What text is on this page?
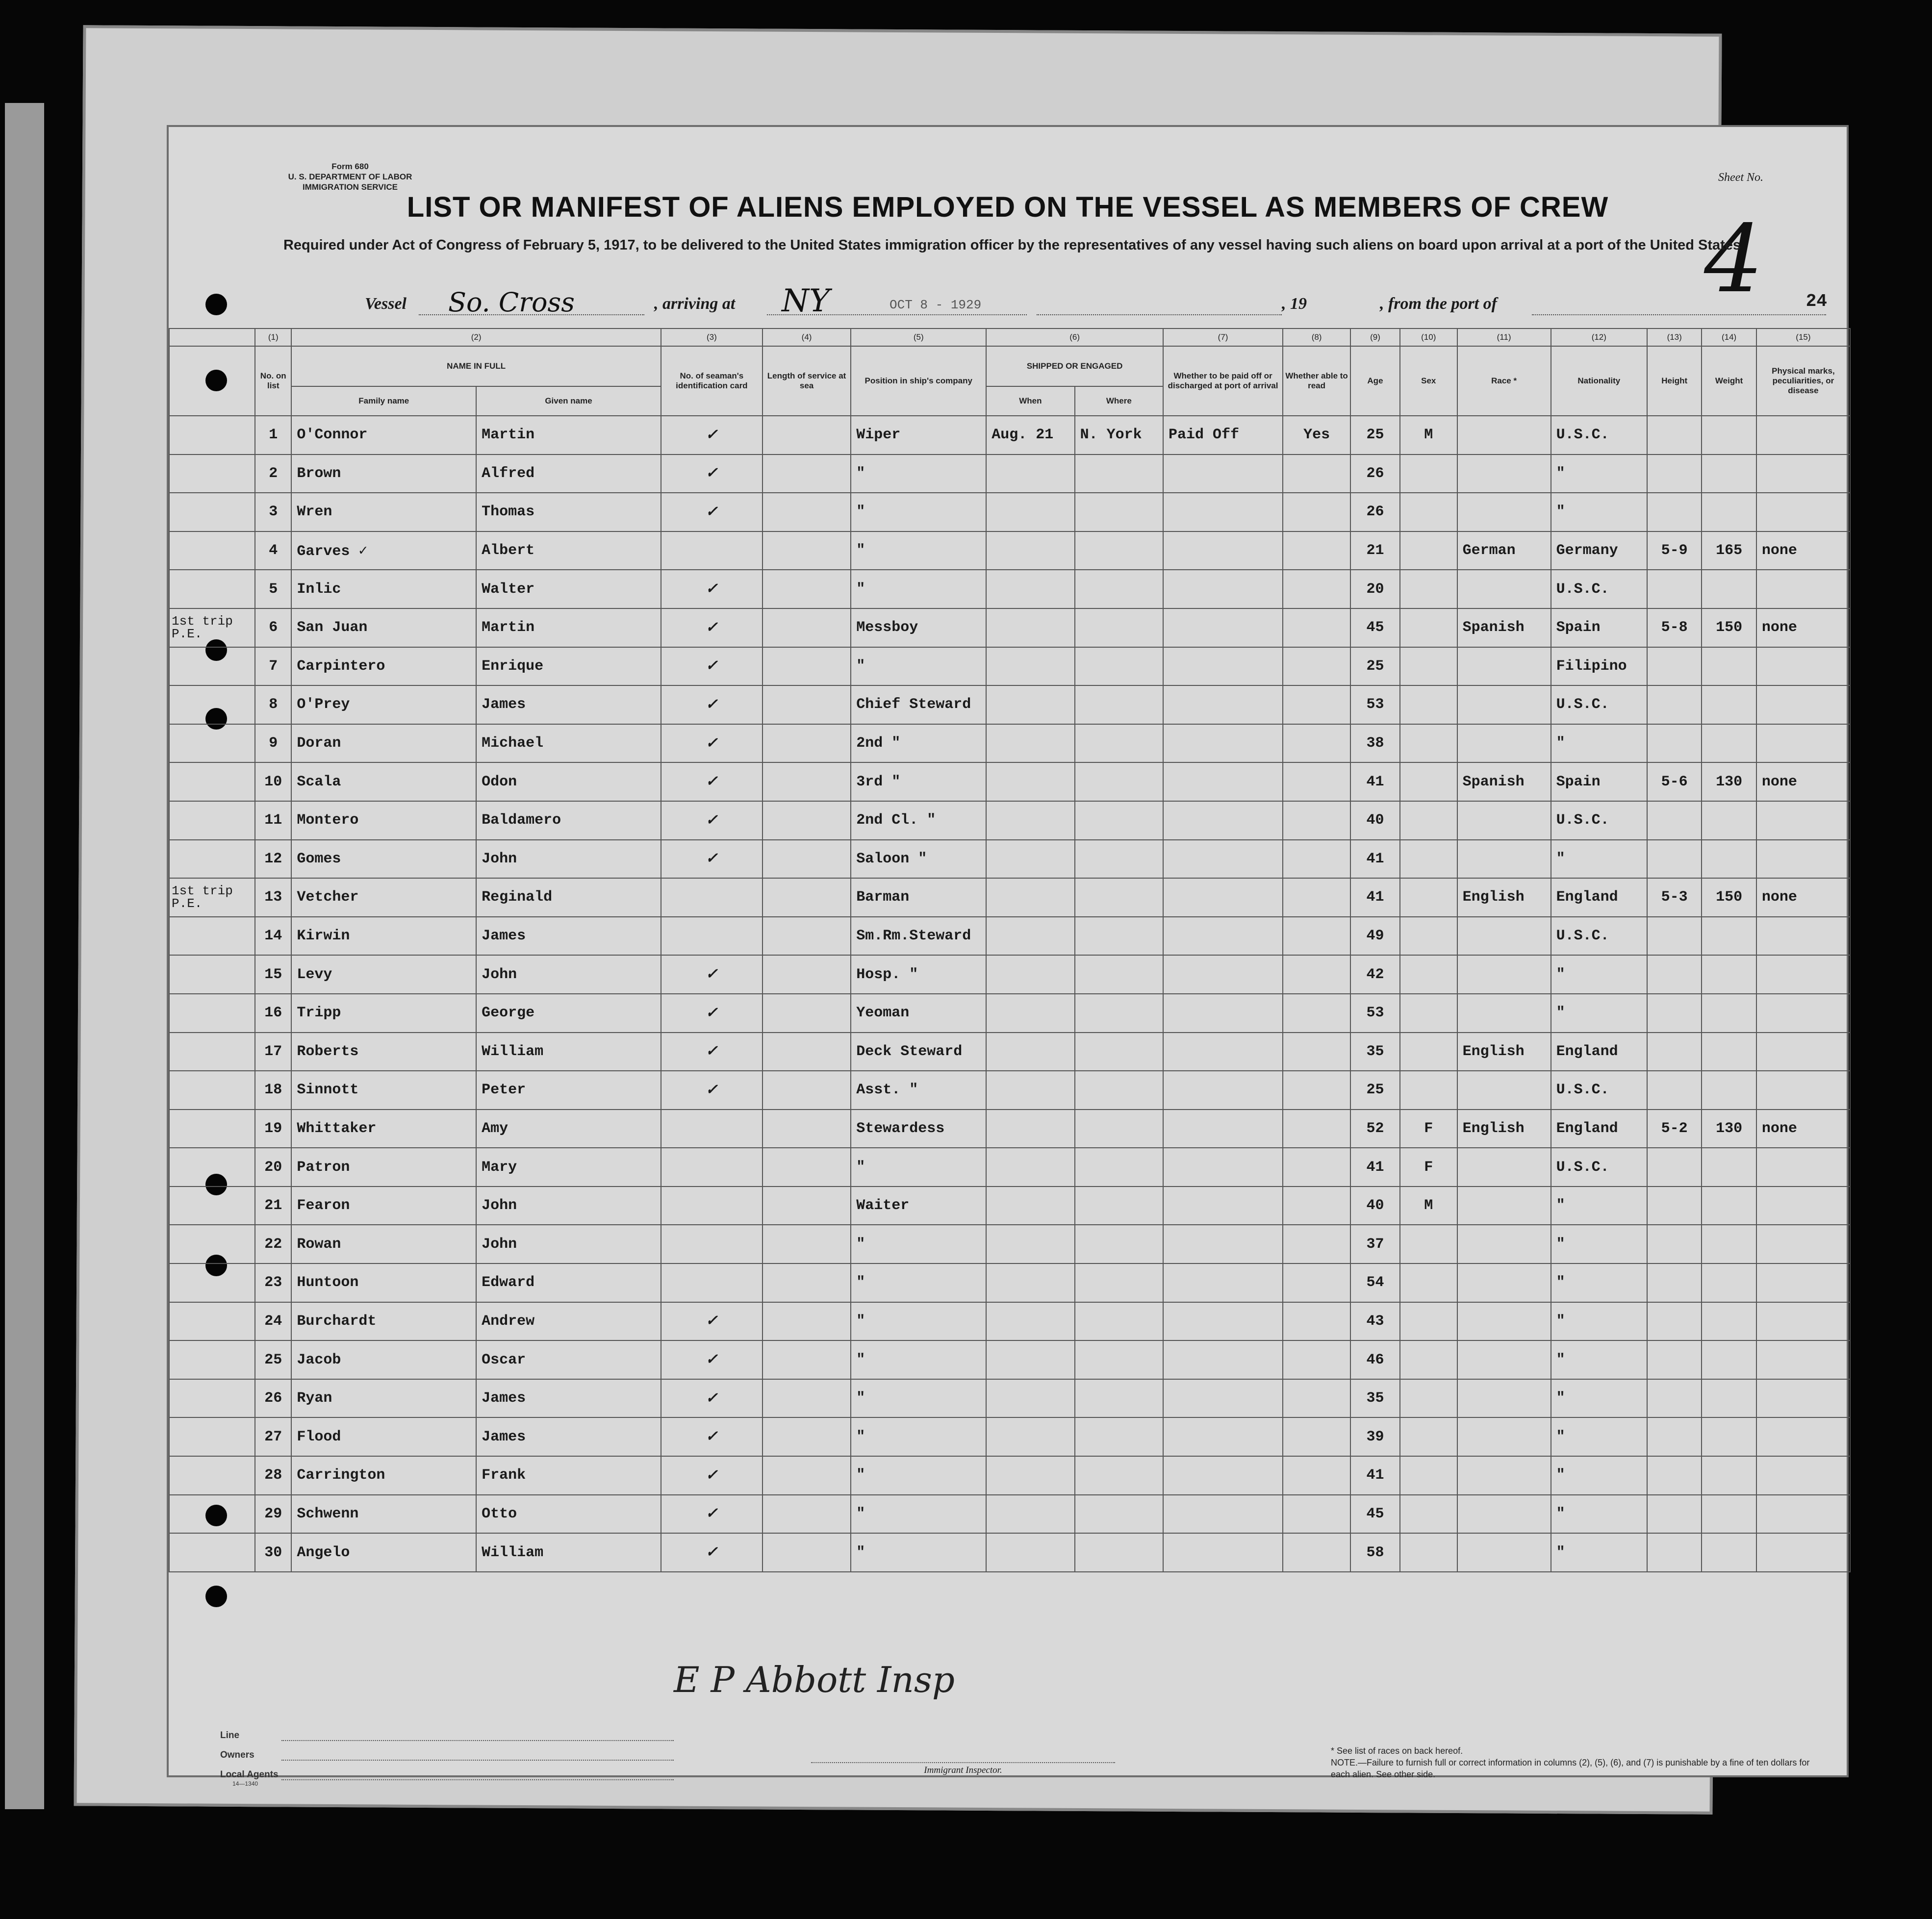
Form 680
U. S. DEPARTMENT OF LABOR
IMMIGRATION SERVICE
Sheet No.
4
LIST OR MANIFEST OF ALIENS EMPLOYED ON THE VESSEL AS MEMBERS OF CREW
Required under Act of Congress of February 5, 1917, to be delivered to the United States immigration officer by the representatives of any vessel having such aliens on board upon arrival at a port of the United States
Vessel So. Cross	, arriving at NY	OCT 8 - 1929	, 19	, from the port of	24
	(1)	(2)		(3)	(4)	(5)	(6)		(7)	(8)	(9)	(10)	(11)	(12)	(13)	(14)	(15)
	No. on list	NAME IN FULL		No. of seaman's identification card	Length of service at sea	Position in ship's company	SHIPPED OR ENGAGED		Whether to be paid off or discharged at port of arrival	Whether able to read	Age	Sex	Race *	Nationality	Height	Weight	Physical marks, peculiarities, or disease
		Family name	Given name				When	Where									
	1	O'Connor	Martin	✓		Wiper	Aug. 21	N. York	Paid Off	Yes	25	M		U.S.C.			
	2	Brown	Alfred	✓		"					26			"			
	3	Wren	Thomas	✓		"					26			"			
	4	Garves ✓	Albert			"					21		German	Germany	5-9	165	none
	5	Inlic	Walter	✓		"					20			U.S.C.			
1st trip P.E.	6	San Juan	Martin	✓		Messboy					45		Spanish	Spain	5-8	150	none
	7	Carpintero	Enrique	✓		"					25			Filipino			
	8	O'Prey	James	✓		Chief Steward					53			U.S.C.			
	9	Doran	Michael	✓		2nd "					38			"			
	10	Scala	Odon	✓		3rd "					41		Spanish	Spain	5-6	130	none
	11	Montero	Baldamero	✓		2nd Cl. "					40			U.S.C.			
	12	Gomes	John	✓		Saloon "					41			"			
1st trip P.E.	13	Vetcher	Reginald			Barman					41		English	England	5-3	150	none
	14	Kirwin	James			Sm.Rm.Steward					49			U.S.C.			
	15	Levy	John	✓		Hosp. "					42			"			
	16	Tripp	George	✓		Yeoman					53			"			
	17	Roberts	William	✓		Deck Steward					35		English	England			
	18	Sinnott	Peter	✓		Asst. "					25			U.S.C.			
	19	Whittaker	Amy			Stewardess					52	F	English	England	5-2	130	none
	20	Patron	Mary			"					41	F		U.S.C.			
	21	Fearon	John			Waiter					40	M		"			
	22	Rowan	John			"					37			"			
	23	Huntoon	Edward			"					54			"			
	24	Burchardt	Andrew	✓		"					43			"			
	25	Jacob	Oscar	✓		"					46			"			
	26	Ryan	James	✓		"					35			"			
	27	Flood	James	✓		"					39			"			
	28	Carrington	Frank	✓		"					41			"			
	29	Schwenn	Otto	✓		"					45			"			
	30	Angelo	William	✓		"					58			"			
E P Abbott Insp
Line
Owners
Local Agents
14—1340
Immigrant Inspector.
* See list of races on back hereof.
NOTE.—Failure to furnish full or correct information in columns (2), (5), (6), and (7) is punishable by a fine of ten dollars for each alien. See other side.
